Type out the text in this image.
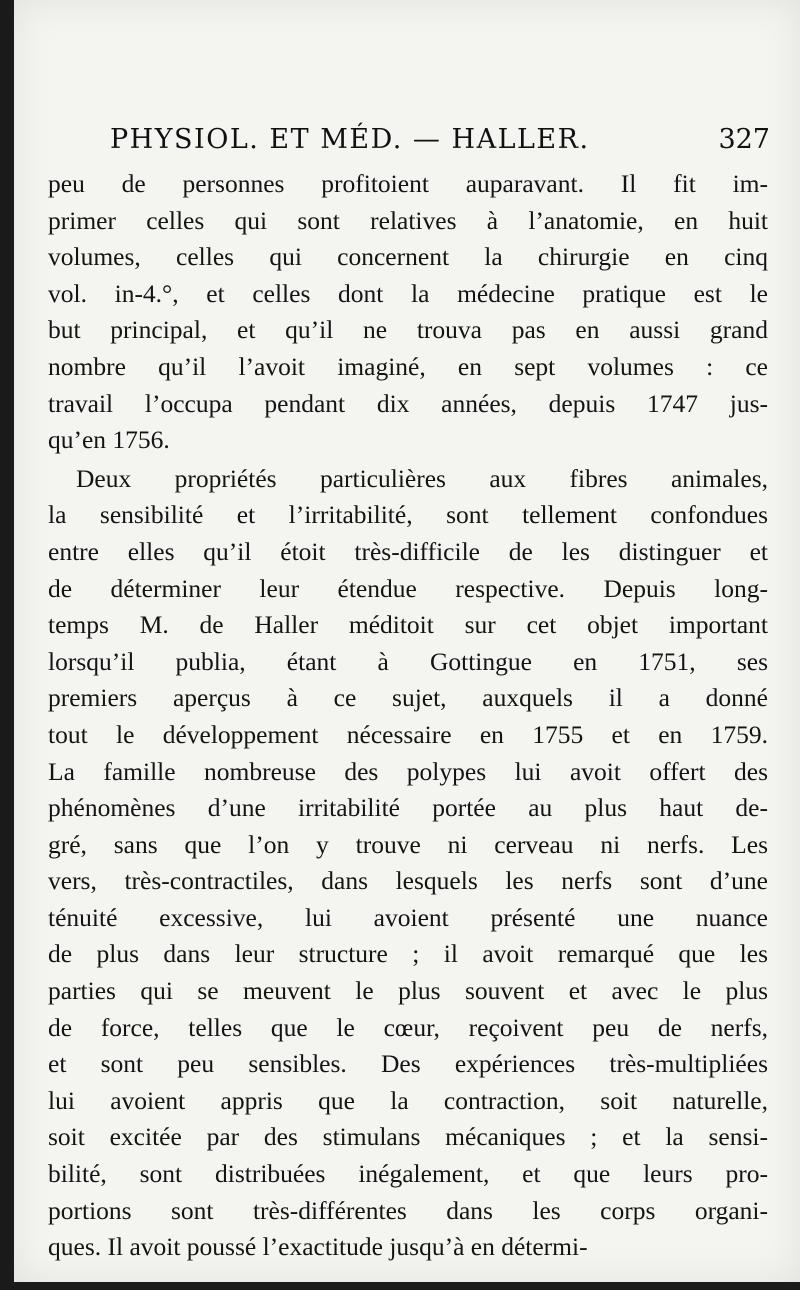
PHYSIOL. ET MÉD. — HALLER.	327
peu de personnes profitoient auparavant. Il fit im-
primer celles qui sont relatives à l’anatomie, en huit
volumes, celles qui concernent la chirurgie en cinq
vol. in-4.°, et celles dont la médecine pratique est le
but principal, et qu’il ne trouva pas en aussi grand
nombre qu’il l’avoit imaginé, en sept volumes : ce
travail l’occupa pendant dix années, depuis 1747 jus-
qu’en 1756.
Deux propriétés particulières aux fibres animales,
la sensibilité et l’irritabilité, sont tellement confondues
entre elles qu’il étoit très-difficile de les distinguer et
de déterminer leur étendue respective. Depuis long-
temps M. de Haller méditoit sur cet objet important
lorsqu’il publia, étant à Gottingue en 1751, ses
premiers aperçus à ce sujet, auxquels il a donné
tout le développement nécessaire en 1755 et en 1759.
La famille nombreuse des polypes lui avoit offert des
phénomènes d’une irritabilité portée au plus haut de-
gré, sans que l’on y trouve ni cerveau ni nerfs. Les
vers, très-contractiles, dans lesquels les nerfs sont d’une
ténuité excessive, lui avoient présenté une nuance
de plus dans leur structure ; il avoit remarqué que les
parties qui se meuvent le plus souvent et avec le plus
de force, telles que le cœur, reçoivent peu de nerfs,
et sont peu sensibles. Des expériences très-multipliées
lui avoient appris que la contraction, soit naturelle,
soit excitée par des stimulans mécaniques ; et la sensi-
bilité, sont distribuées inégalement, et que leurs pro-
portions sont très-différentes dans les corps organi-
ques. Il avoit poussé l’exactitude jusqu’à en détermi-
